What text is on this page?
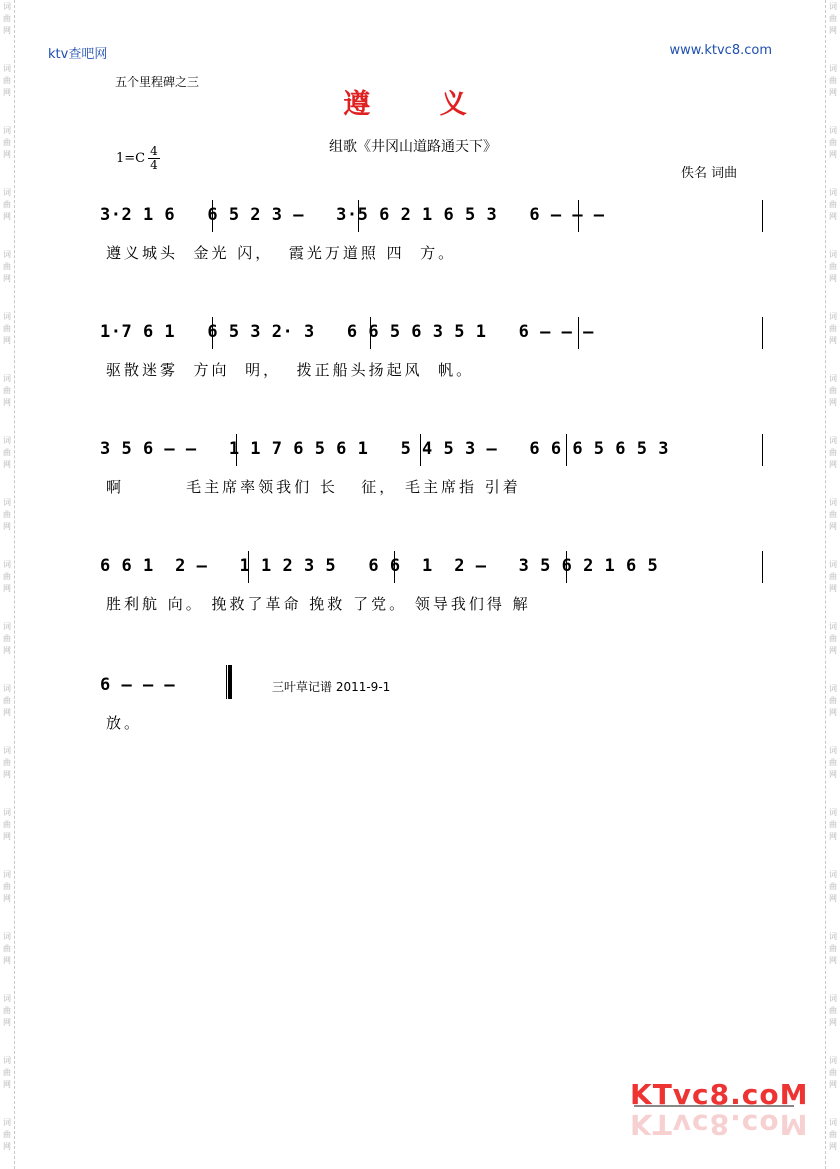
词
曲
网
词
曲
网
词
曲
网
词
曲
网
词
曲
网
词
曲
网
词
曲
网
词
曲
网
词
曲
网
词
曲
网
词
曲
网
词
曲
网
词
曲
网
词
曲
网
词
曲
网
词
曲
网
词
曲
网
词
曲
网
词
曲
网
词
曲
网
词
曲
网
词
曲
网
词
曲
网
词
曲
网
词
曲
网
词
曲
网
词
曲
网
词
曲
网
词
曲
网
词
曲
网
词
曲
网
词
曲
网
词
曲
网
词
曲
网
词
曲
网
词
曲
网
词
曲
网
词
曲
网
ktv查吧网	www.ktvc8.com
五个里程碑之三
遵 义
组歌《井冈山道路通天下》
1=C 4
4
佚名 词曲
3·2 1 6   6 5 2 3 –   3·5 6 2 1 6 5 3   6 – – –
遵义城头  金光 闪，  霞光万道照 四  方。
1·7 6 1   6 5 3 2· 3   6 6 5 6 3 5 1   6 – – –
驱散迷雾  方向  明，  拨正船头扬起风  帆。
3 5 6 – –   1 1 7 6 5 6 1   5 4 5 3 –   6 6 6 5 6 5 3
啊        毛主席率领我们 长   征， 毛主席指 引着
6 6 1  2 –   1 1 2 3 5   6 6  1  2 –   3 5 6 2 1 6 5
胜利航 向。 挽救了革命 挽救 了党。 领导我们得 解
6 – – –
放。
三叶草记谱 2011-9-1
KTvc8.coM
KTvc8.coM
